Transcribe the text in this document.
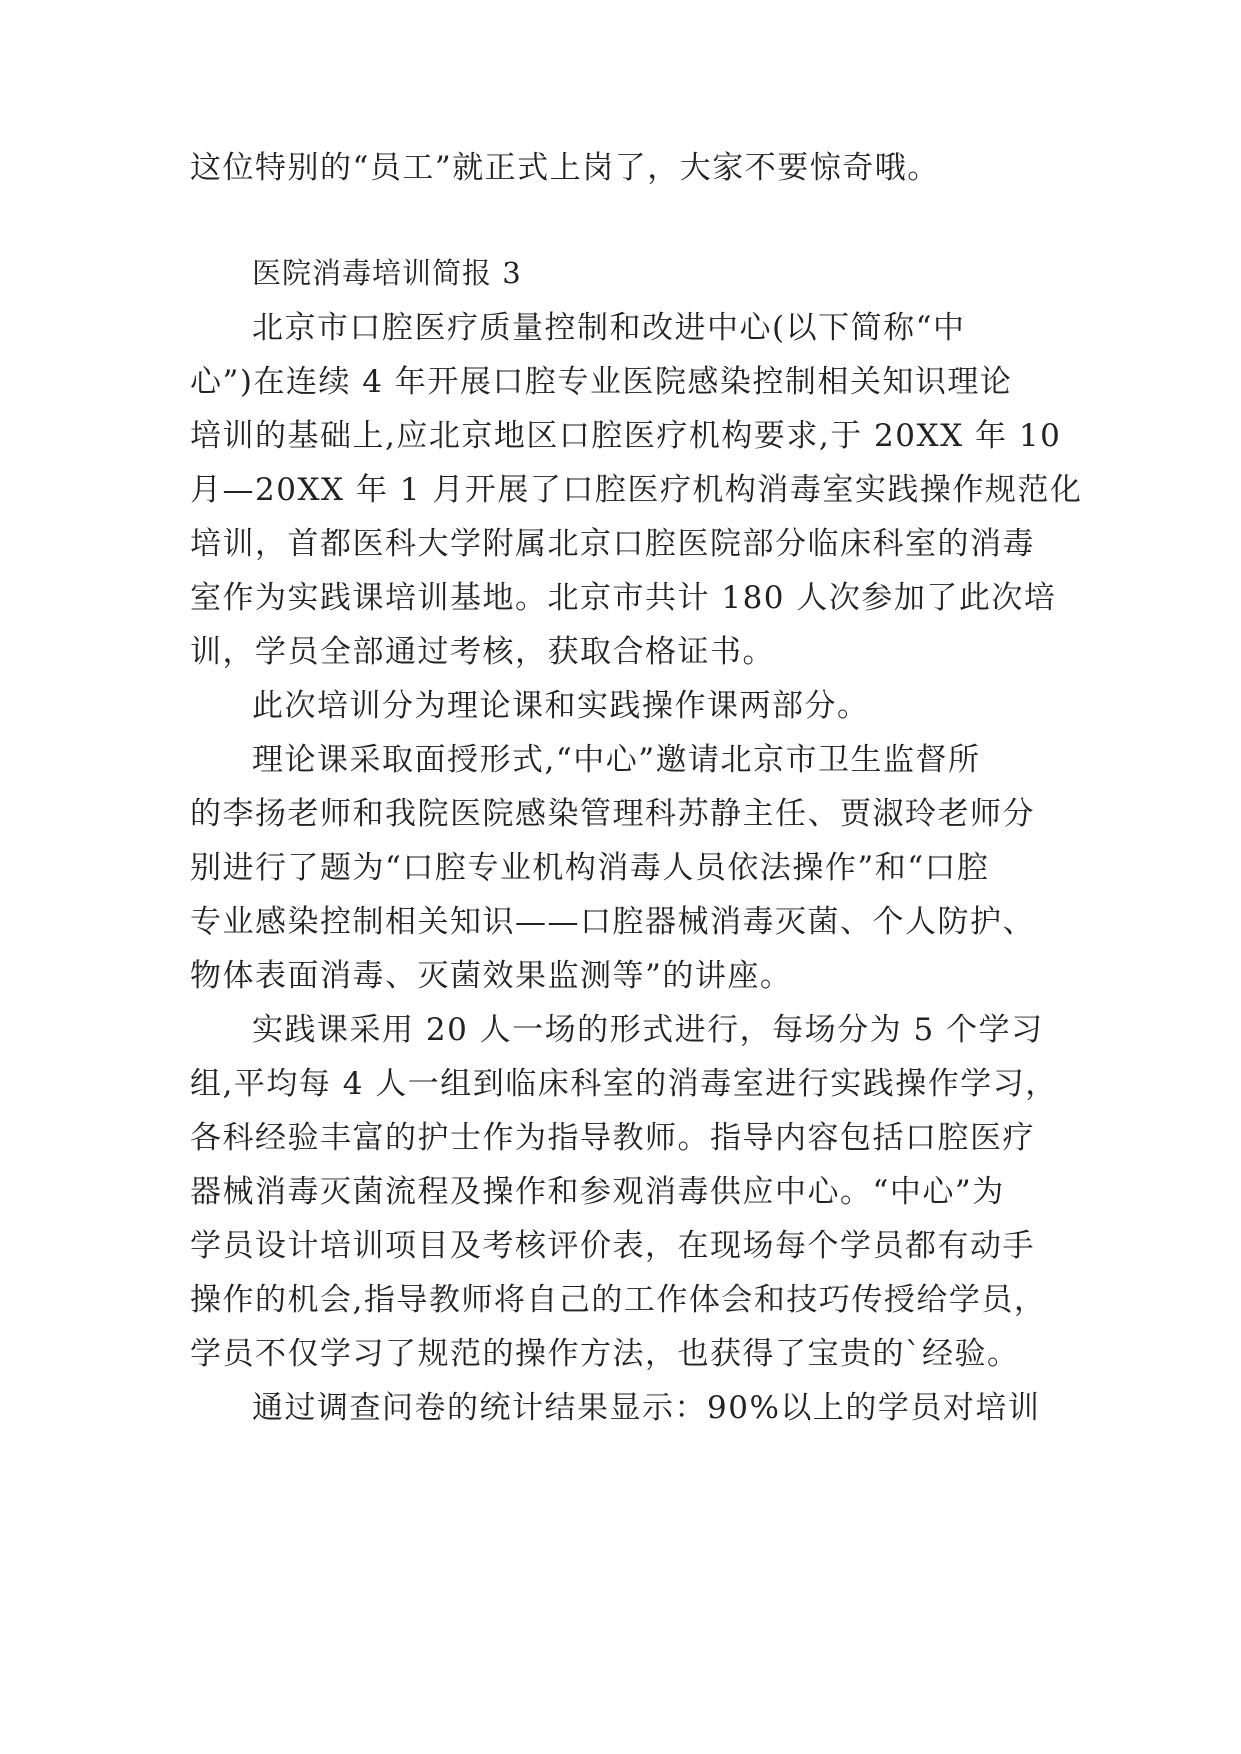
这位特别的“员工”就正式上岗了，大家不要惊奇哦。
医院消毒培训简报 3
北京市口腔医疗质量控制和改进中心(以下简称“中
心”)在连续 4 年开展口腔专业医院感染控制相关知识理论
培训的基础上,应北京地区口腔医疗机构要求,于 20XX 年 10
月—20XX 年 1 月开展了口腔医疗机构消毒室实践操作规范化
培训，首都医科大学附属北京口腔医院部分临床科室的消毒
室作为实践课培训基地。北京市共计 180 人次参加了此次培
训，学员全部通过考核，获取合格证书。
此次培训分为理论课和实践操作课两部分。
理论课采取面授形式,“中心”邀请北京市卫生监督所
的李扬老师和我院医院感染管理科苏静主任、贾淑玲老师分
别进行了题为“口腔专业机构消毒人员依法操作”和“口腔
专业感染控制相关知识——口腔器械消毒灭菌、个人防护、
物体表面消毒、灭菌效果监测等”的讲座。
实践课采用 20 人一场的形式进行，每场分为 5 个学习
组,平均每 4 人一组到临床科室的消毒室进行实践操作学习，
各科经验丰富的护士作为指导教师。指导内容包括口腔医疗
器械消毒灭菌流程及操作和参观消毒供应中心。“中心”为
学员设计培训项目及考核评价表，在现场每个学员都有动手
操作的机会,指导教师将自己的工作体会和技巧传授给学员，
学员不仅学习了规范的操作方法，也获得了宝贵的`经验。
通过调查问卷的统计结果显示：90%以上的学员对培训
